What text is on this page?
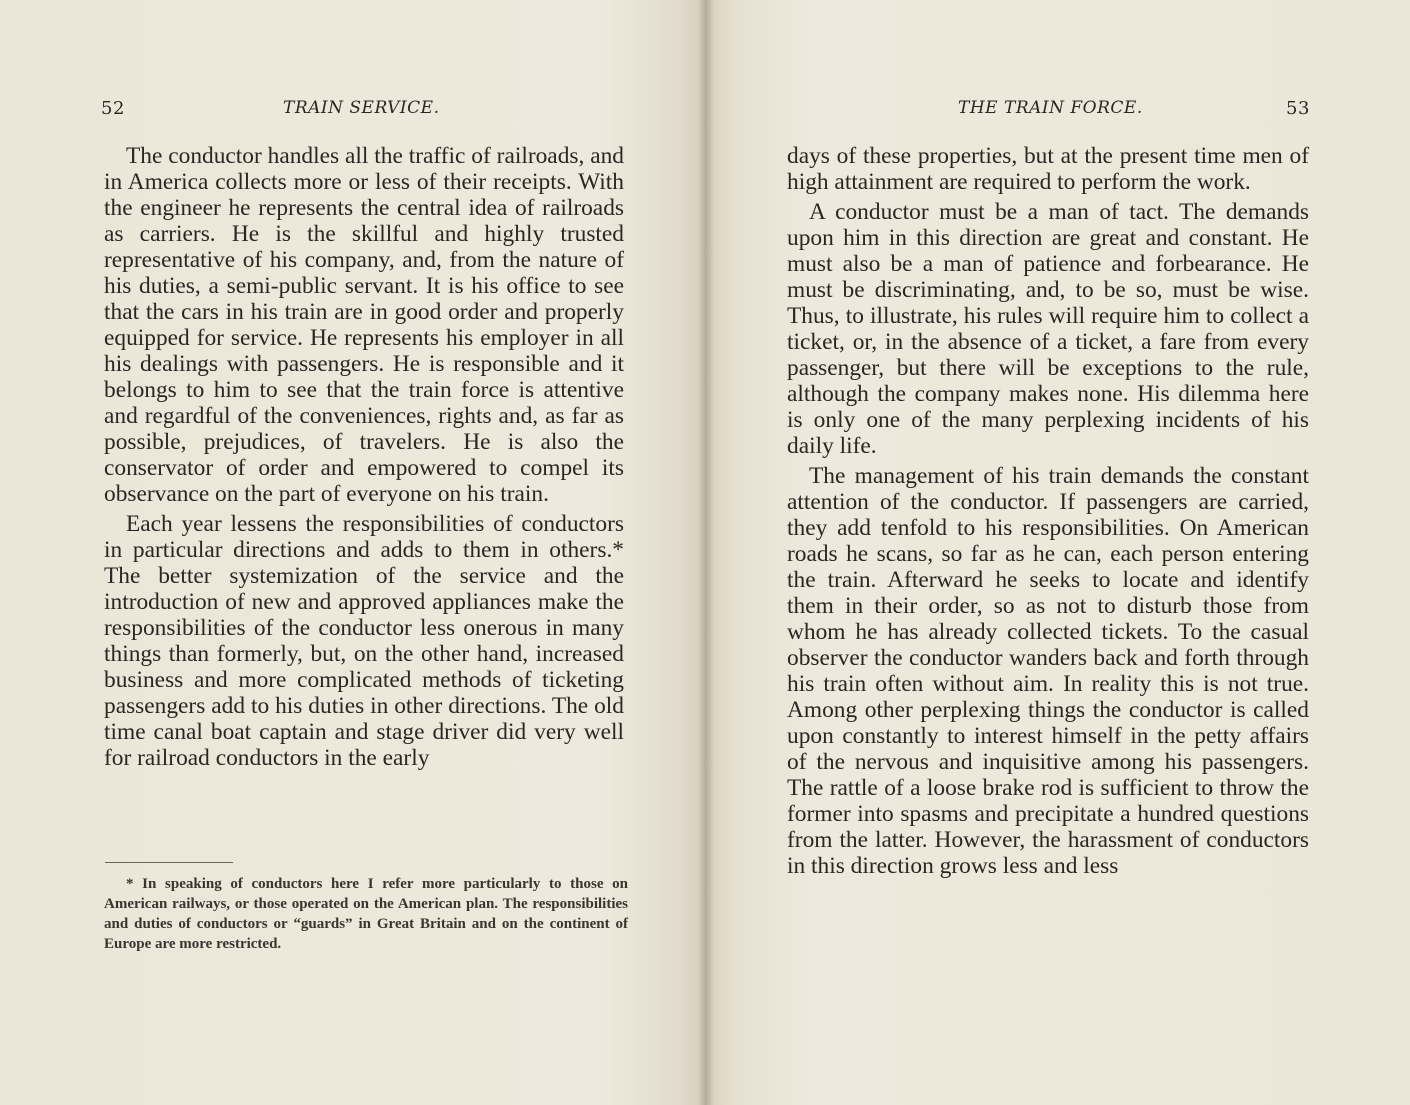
52	TRAIN SERVICE.

The conductor handles all the traffic of railroads, and in America collects more or less of their receipts. With the engineer he represents the central idea of railroads as carriers. He is the skillful and highly trusted representative of his company, and, from the nature of his duties, a semi-public servant. It is his office to see that the cars in his train are in good order and properly equipped for service. He represents his employer in all his dealings with passengers. He is responsible and it belongs to him to see that the train force is attentive and regardful of the conveniences, rights and, as far as possible, prejudices, of travelers. He is also the conservator of order and empowered to compel its observance on the part of everyone on his train.

Each year lessens the responsibilities of conductors in particular directions and adds to them in others.* The better systemization of the service and the introduction of new and approved appliances make the responsibilities of the conductor less onerous in many things than formerly, but, on the other hand, increased business and more complicated methods of ticketing passengers add to his duties in other directions. The old time canal boat captain and stage driver did very well for railroad conductors in the early

* In speaking of conductors here I refer more particularly to those on American railways, or those operated on the American plan. The responsibilities and duties of conductors or “guards” in Great Britain and on the continent of Europe are more restricted.

THE TRAIN FORCE.	53

days of these properties, but at the present time men of high attainment are required to perform the work.

A conductor must be a man of tact. The demands upon him in this direction are great and constant. He must also be a man of patience and forbearance. He must be discriminating, and, to be so, must be wise. Thus, to illustrate, his rules will require him to collect a ticket, or, in the absence of a ticket, a fare from every passenger, but there will be exceptions to the rule, although the company makes none. His dilemma here is only one of the many perplexing incidents of his daily life.

The management of his train demands the constant attention of the conductor. If passengers are carried, they add tenfold to his responsibilities. On American roads he scans, so far as he can, each person entering the train. Afterward he seeks to locate and identify them in their order, so as not to disturb those from whom he has already collected tickets. To the casual observer the conductor wanders back and forth through his train often without aim. In reality this is not true. Among other perplexing things the conductor is called upon constantly to interest himself in the petty affairs of the nervous and inquisitive among his passengers. The rattle of a loose brake rod is sufficient to throw the former into spasms and precipitate a hundred questions from the latter. However, the harassment of conductors in this direction grows less and less
